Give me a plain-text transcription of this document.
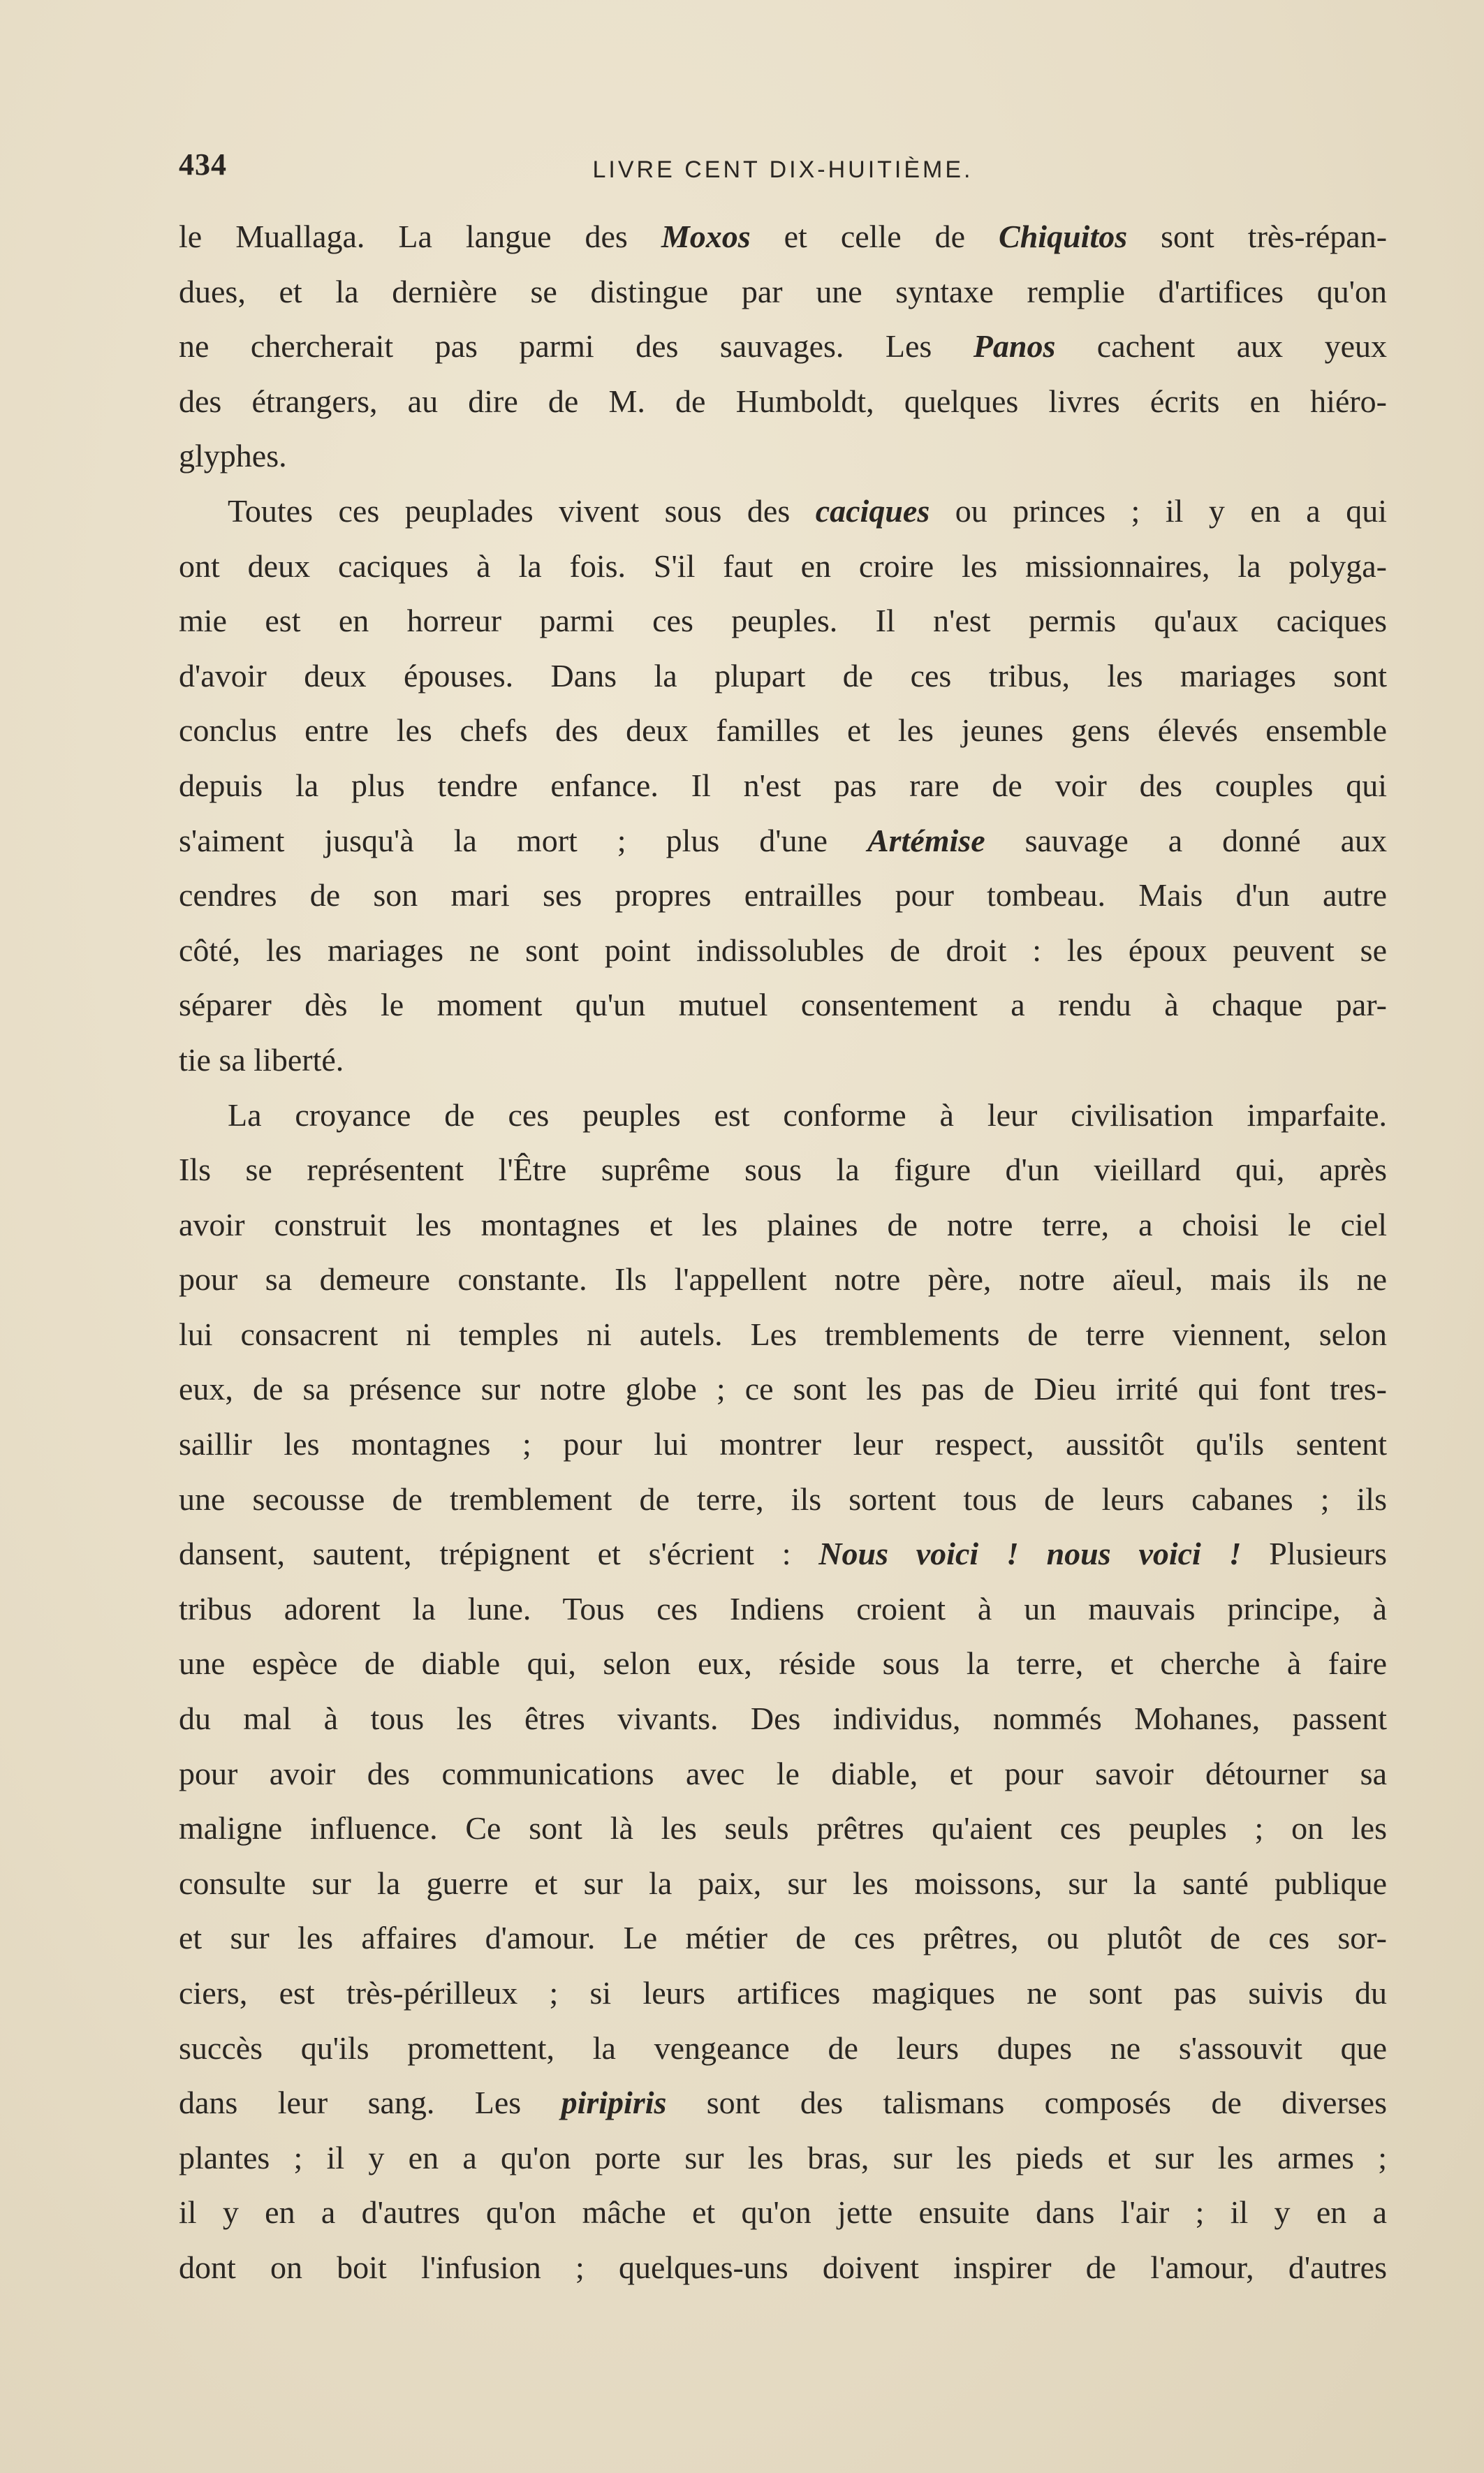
434	LIVRE CENT DIX-HUITIÈME.
le Muallaga. La langue des Moxos et celle de Chiquitos sont très-répan-
dues, et la dernière se distingue par une syntaxe remplie d'artifices qu'on
ne chercherait pas parmi des sauvages. Les Panos cachent aux yeux
des étrangers, au dire de M. de Humboldt, quelques livres écrits en hiéro-
glyphes.
Toutes ces peuplades vivent sous des caciques ou princes ; il y en a qui
ont deux caciques à la fois. S'il faut en croire les missionnaires, la polyga-
mie est en horreur parmi ces peuples. Il n'est permis qu'aux caciques
d'avoir deux épouses. Dans la plupart de ces tribus, les mariages sont
conclus entre les chefs des deux familles et les jeunes gens élevés ensemble
depuis la plus tendre enfance. Il n'est pas rare de voir des couples qui
s'aiment jusqu'à la mort ; plus d'une Artémise sauvage a donné aux
cendres de son mari ses propres entrailles pour tombeau. Mais d'un autre
côté, les mariages ne sont point indissolubles de droit : les époux peuvent se
séparer dès le moment qu'un mutuel consentement a rendu à chaque par-
tie sa liberté.
La croyance de ces peuples est conforme à leur civilisation imparfaite.
Ils se représentent l'Être suprême sous la figure d'un vieillard qui, après
avoir construit les montagnes et les plaines de notre terre, a choisi le ciel
pour sa demeure constante. Ils l'appellent notre père, notre aïeul, mais ils ne
lui consacrent ni temples ni autels. Les tremblements de terre viennent, selon
eux, de sa présence sur notre globe ; ce sont les pas de Dieu irrité qui font tres-
saillir les montagnes ; pour lui montrer leur respect, aussitôt qu'ils sentent
une secousse de tremblement de terre, ils sortent tous de leurs cabanes ; ils
dansent, sautent, trépignent et s'écrient : Nous voici ! nous voici ! Plusieurs
tribus adorent la lune. Tous ces Indiens croient à un mauvais principe, à
une espèce de diable qui, selon eux, réside sous la terre, et cherche à faire
du mal à tous les êtres vivants. Des individus, nommés Mohanes, passent
pour avoir des communications avec le diable, et pour savoir détourner sa
maligne influence. Ce sont là les seuls prêtres qu'aient ces peuples ; on les
consulte sur la guerre et sur la paix, sur les moissons, sur la santé publique
et sur les affaires d'amour. Le métier de ces prêtres, ou plutôt de ces sor-
ciers, est très-périlleux ; si leurs artifices magiques ne sont pas suivis du
succès qu'ils promettent, la vengeance de leurs dupes ne s'assouvit que
dans leur sang. Les piripiris sont des talismans composés de diverses
plantes ; il y en a qu'on porte sur les bras, sur les pieds et sur les armes ;
il y en a d'autres qu'on mâche et qu'on jette ensuite dans l'air ; il y en a
dont on boit l'infusion ; quelques-uns doivent inspirer de l'amour, d'autres
